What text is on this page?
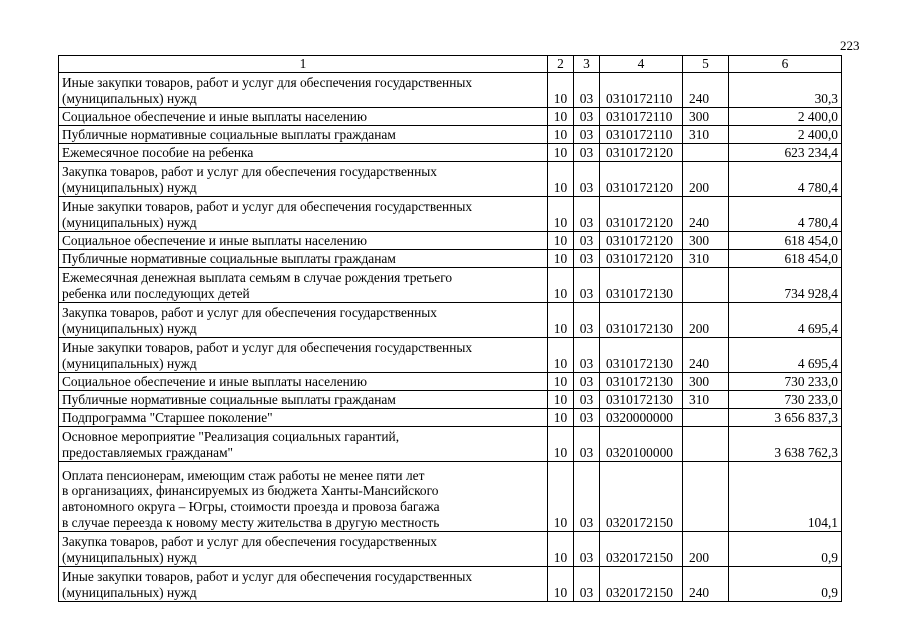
223
1	2	3	4	5	6
Иные закупки товаров, работ и услуг для обеспечения государственных
(муниципальных) нужд	10	03	0310172110	240	30,3
Социальное обеспечение и иные выплаты населению	10	03	0310172110	300	2 400,0
Публичные нормативные социальные выплаты гражданам	10	03	0310172110	310	2 400,0
Ежемесячное пособие на ребенка	10	03	0310172120		623 234,4
Закупка товаров, работ и услуг для обеспечения государственных
(муниципальных) нужд	10	03	0310172120	200	4 780,4
Иные закупки товаров, работ и услуг для обеспечения государственных
(муниципальных) нужд	10	03	0310172120	240	4 780,4
Социальное обеспечение и иные выплаты населению	10	03	0310172120	300	618 454,0
Публичные нормативные социальные выплаты гражданам	10	03	0310172120	310	618 454,0
Ежемесячная денежная выплата семьям в случае рождения третьего
ребенка или последующих детей	10	03	0310172130		734 928,4
Закупка товаров, работ и услуг для обеспечения государственных
(муниципальных) нужд	10	03	0310172130	200	4 695,4
Иные закупки товаров, работ и услуг для обеспечения государственных
(муниципальных) нужд	10	03	0310172130	240	4 695,4
Социальное обеспечение и иные выплаты населению	10	03	0310172130	300	730 233,0
Публичные нормативные социальные выплаты гражданам	10	03	0310172130	310	730 233,0
Подпрограмма "Старшее поколение"	10	03	0320000000		3 656 837,3
Основное мероприятие "Реализация социальных гарантий,
предоставляемых гражданам"	10	03	0320100000		3 638 762,3
Оплата пенсионерам, имеющим стаж работы не менее пяти лет
в организациях, финансируемых из бюджета Ханты-Мансийского
автономного округа – Югры, стоимости проезда и провоза багажа
в случае переезда к новому месту жительства в другую местность	10	03	0320172150		104,1
Закупка товаров, работ и услуг для обеспечения государственных
(муниципальных) нужд	10	03	0320172150	200	0,9
Иные закупки товаров, работ и услуг для обеспечения государственных
(муниципальных) нужд	10	03	0320172150	240	0,9
